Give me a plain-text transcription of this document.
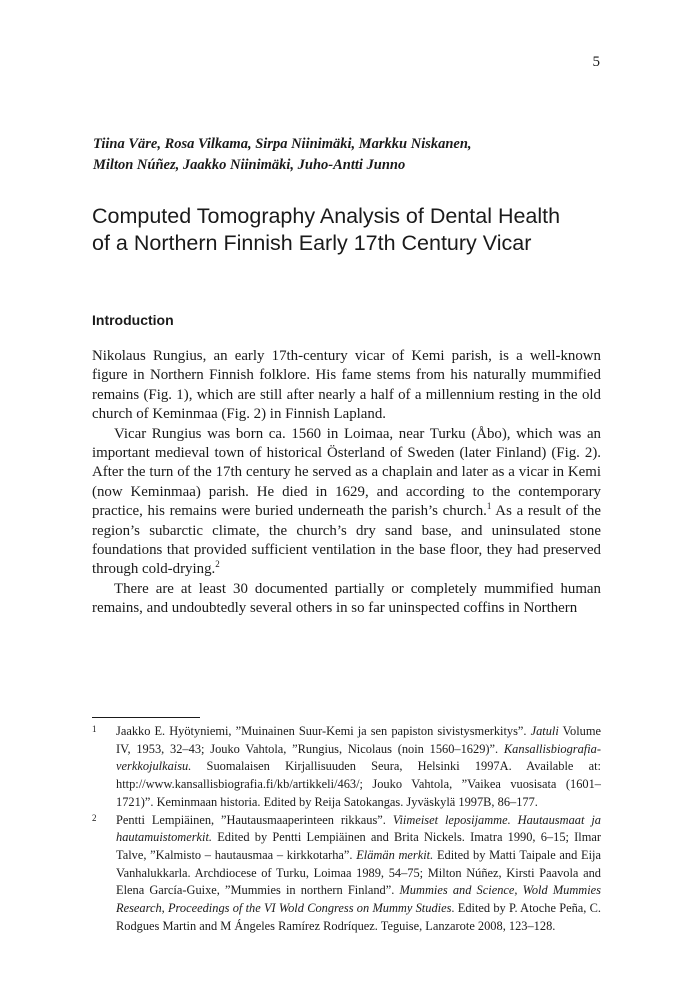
5
Tiina Väre, Rosa Vilkama, Sirpa Niinimäki, Markku Niskanen,
Milton Núñez, Jaakko Niinimäki, Juho-Antti Junno
Computed Tomography Analysis of Dental Health
of a Northern Finnish Early 17th Century Vicar
Introduction

Nikolaus Rungius, an early 17th-century vicar of Kemi parish, is a well-known figure in Northern Finnish folklore. His fame stems from his naturally mummified remains (Fig. 1), which are still after nearly a half of a millennium resting in the old church of Keminmaa (Fig. 2) in Finnish Lapland.

Vicar Rungius was born ca. 1560 in Loimaa, near Turku (Åbo), which was an important medieval town of historical Österland of Sweden (later Finland) (Fig. 2). After the turn of the 17th century he served as a chaplain and later as a vicar in Kemi (now Keminmaa) parish. He died in 1629, and according to the contemporary practice, his remains were buried underneath the parish’s church.$^1$ As a result of the region’s subarctic climate, the church’s dry sand base, and uninsulated stone foundations that provided sufficient ventilation in the base floor, they had preserved through cold-drying.$^2$

There are at least 30 documented partially or completely mummified human remains, and undoubtedly several others in so far uninspected coffins in Northern

1 Jaakko E. Hyötyniemi, ”Muinainen Suur-Kemi ja sen papiston sivistysmerkitys”. Jatuli Volume IV, 1953, 32–43; Jouko Vahtola, ”Rungius, Nicolaus (noin 1560–1629)”. Kansallisbiografia-verkkojulkaisu. Suomalaisen Kirjallisuuden Seura, Helsinki 1997A. Available at: http://www.kansallisbiografia.fi/kb/artikkeli/463/; Jouko Vahtola, ”Vaikea vuosisata (1601–1721)”. Keminmaan historia. Edited by Reija Satokangas. Jyväskylä 1997B, 86–177.
2 Pentti Lempiäinen, ”Hautausmaaperinteen rikkaus”. Viimeiset leposijamme. Hautausmaat ja hautamuistomerkit. Edited by Pentti Lempiäinen and Brita Nickels. Imatra 1990, 6–15; Ilmar Talve, ”Kalmisto – hautausmaa – kirkkotarha”. Elämän merkit. Edited by Matti Taipale and Eija Vanhalukkarla. Archdiocese of Turku, Loimaa 1989, 54–75; Milton Núñez, Kirsti Paavola and Elena García-Guixe, ”Mummies in northern Finland”. Mummies and Science, Wold Mummies Research, Proceedings of the VI Wold Congress on Mummy Studies. Edited by P. Atoche Peña, C. Rodgues Martin and M Ángeles Ramírez Rodríquez. Teguise, Lanzarote 2008, 123–128.
